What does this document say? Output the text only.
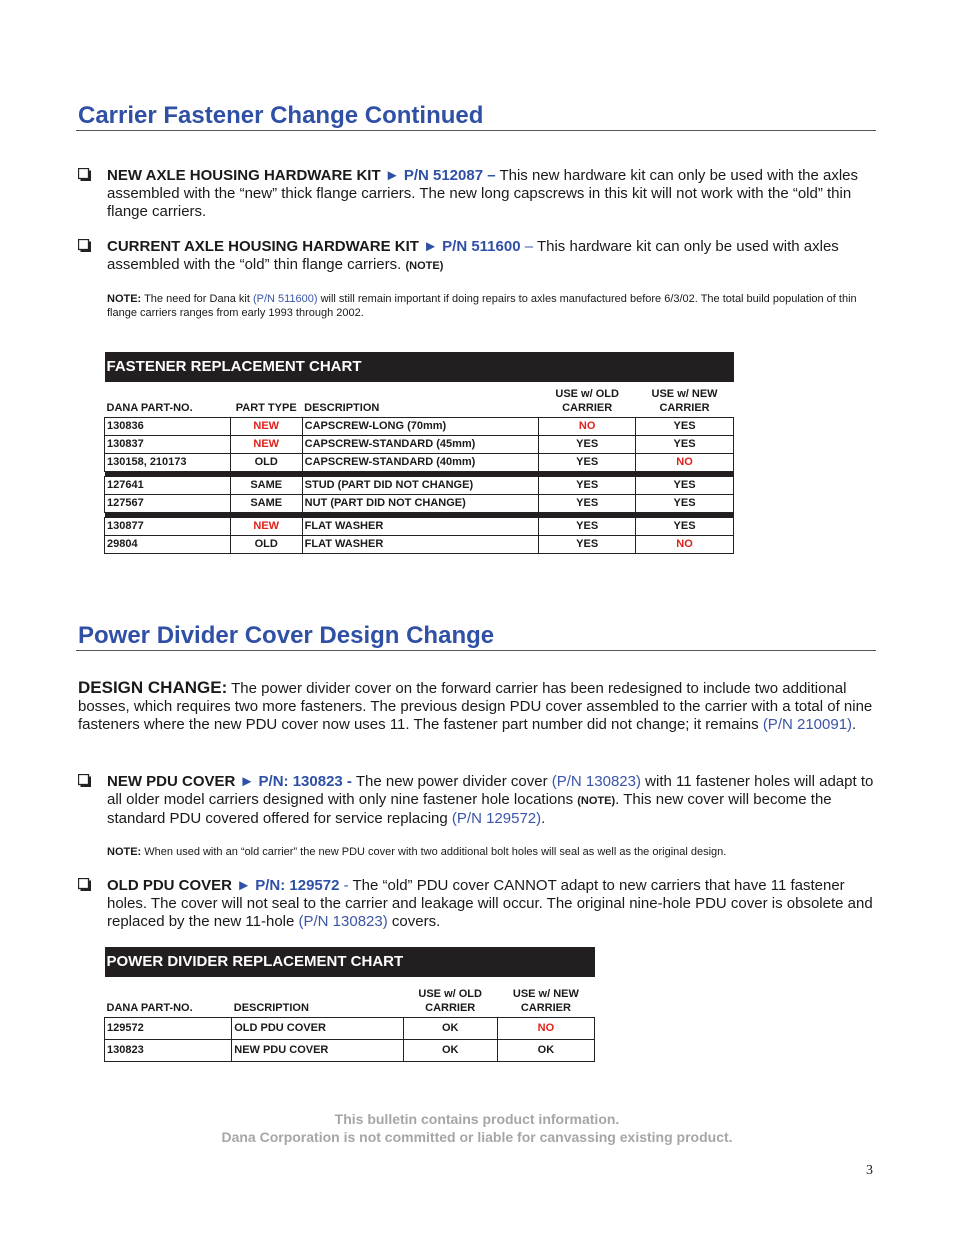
Carrier Fastener Change Continued
NEW AXLE HOUSING HARDWARE KIT ► P/N 512087 – This new hardware kit can only be used with the axles assembled with the “new” thick flange carriers. The new long capscrews in this kit will not work with the “old” thin flange carriers.
CURRENT AXLE HOUSING HARDWARE KIT ► P/N 511600 – This hardware kit can only be used with axles assembled with the “old” thin flange carriers. (NOTE)
NOTE: The need for Dana kit (P/N 511600) will still remain important if doing repairs to axles manufactured before 6/3/02. The total build population of thin flange carriers ranges from early 1993 through 2002.
FASTENER REPLACEMENT CHART				
DANA PART-NO.	PART TYPE	DESCRIPTION	USE w/ OLD CARRIER	USE w/ NEW CARRIER
130836	NEW	CAPSCREW-LONG (70mm)	NO	YES
130837	NEW	CAPSCREW-STANDARD (45mm)	YES	YES
130158, 210173	OLD	CAPSCREW-STANDARD (40mm)	YES	NO

127641	SAME	STUD (PART DID NOT CHANGE)	YES	YES
127567	SAME	NUT (PART DID NOT CHANGE)	YES	YES

130877	NEW	FLAT WASHER	YES	YES
29804	OLD	FLAT WASHER	YES	NO
Power Divider Cover Design Change
DESIGN CHANGE: The power divider cover on the forward carrier has been redesigned to include two additional bosses, which requires two more fasteners. The previous design PDU cover assembled to the carrier with a total of nine fasteners where the new PDU cover now uses 11. The fastener part number did not change; it remains (P/N 210091).
NEW PDU COVER ► P/N: 130823 - The new power divider cover (P/N 130823) with 11 fastener holes will adapt to all older model carriers designed with only nine fastener hole locations (NOTE). This new cover will become the standard PDU covered offered for service replacing (P/N 129572).
NOTE: When used with an “old carrier” the new PDU cover with two additional bolt holes will seal as well as the original design.
OLD PDU COVER ► P/N: 129572 - The “old” PDU cover CANNOT adapt to new carriers that have 11 fastener holes. The cover will not seal to the carrier and leakage will occur. The original nine-hole PDU cover is obsolete and replaced by the new 11-hole (P/N 130823) covers.
POWER DIVIDER REPLACEMENT CHART			
DANA PART-NO.	DESCRIPTION	USE w/ OLD CARRIER	USE w/ NEW CARRIER
129572	OLD PDU COVER	OK	NO
130823	NEW PDU COVER	OK	OK
This bulletin contains product information.
Dana Corporation is not committed or liable for canvassing existing product.
3
